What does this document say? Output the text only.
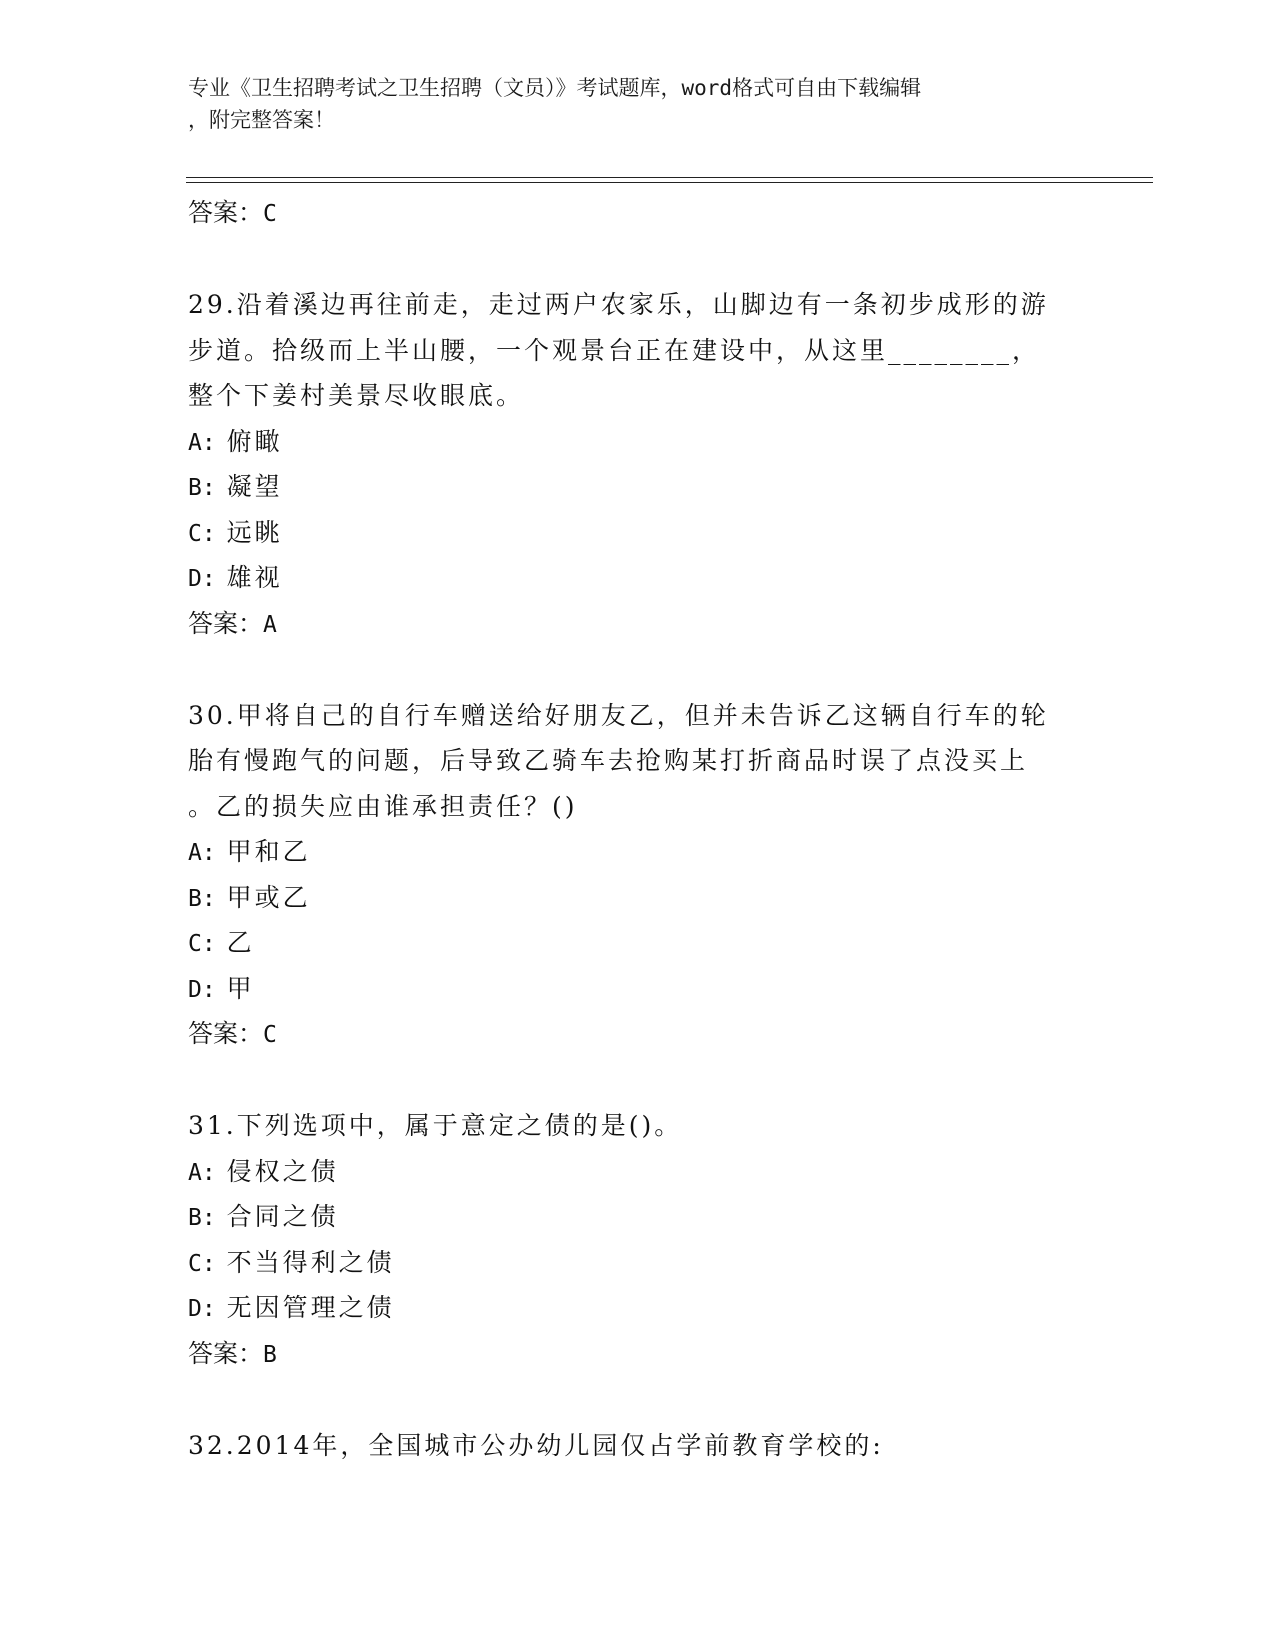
专业《卫生招聘考试之卫生招聘（文员）》考试题库，word格式可自由下载编辑
，附完整答案！
答案：C
29.沿着溪边再往前走，走过两户农家乐，山脚边有一条初步成形的游
步道。拾级而上半山腰，一个观景台正在建设中，从这里________，
整个下姜村美景尽收眼底。
A: 俯瞰
B: 凝望
C: 远眺
D: 雄视
答案：A
30.甲将自己的自行车赠送给好朋友乙，但并未告诉乙这辆自行车的轮
胎有慢跑气的问题，后导致乙骑车去抢购某打折商品时误了点没买上
。乙的损失应由谁承担责任？()
A: 甲和乙
B: 甲或乙
C: 乙
D: 甲
答案：C
31.下列选项中，属于意定之债的是()。
A: 侵权之债
B: 合同之债
C: 不当得利之债
D: 无因管理之债
答案：B
32.2014年，全国城市公办幼儿园仅占学前教育学校的:
